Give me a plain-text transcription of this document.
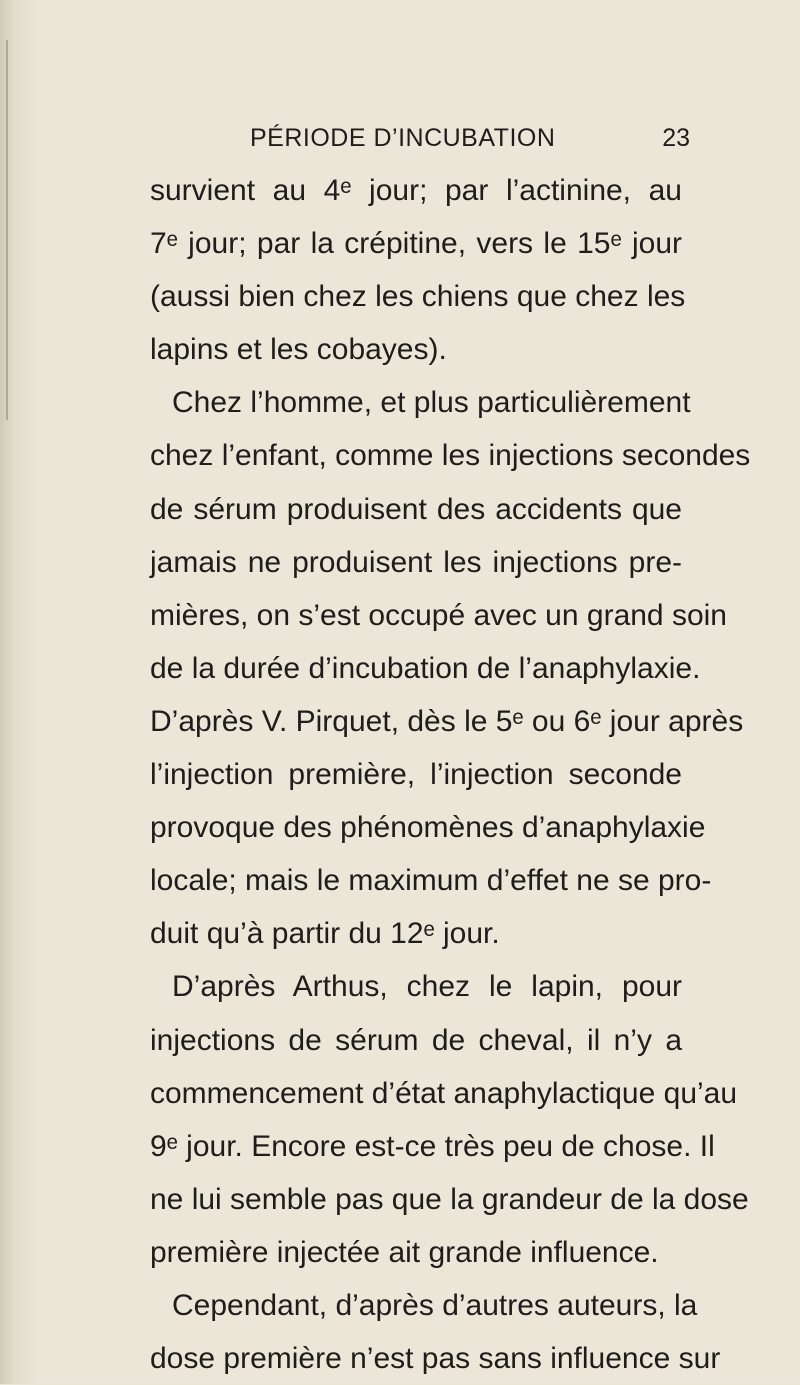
PÉRIODE D’INCUBATION	23
survient au 4ᵉ jour; par l’actinine, au
7ᵉ jour; par la crépitine, vers le 15ᵉ jour
(aussi bien chez les chiens que chez les
lapins et les cobayes).
Chez l’homme, et plus particulièrement
chez l’enfant, comme les injections secondes
de sérum produisent des accidents que
jamais ne produisent les injections pre-
mières, on s’est occupé avec un grand soin
de la durée d’incubation de l’anaphylaxie.
D’après V. Pirquet, dès le 5ᵉ ou 6ᵉ jour après
l’injection première, l’injection seconde
provoque des phénomènes d’anaphylaxie
locale; mais le maximum d’effet ne se pro-
duit qu’à partir du 12ᵉ jour.
D’après Arthus, chez le lapin, pour
injections de sérum de cheval, il n’y a
commencement d’état anaphylactique qu’au
9ᵉ jour. Encore est-ce très peu de chose. Il
ne lui semble pas que la grandeur de la dose
première injectée ait grande influence.
Cependant, d’après d’autres auteurs, la
dose première n’est pas sans influence sur
